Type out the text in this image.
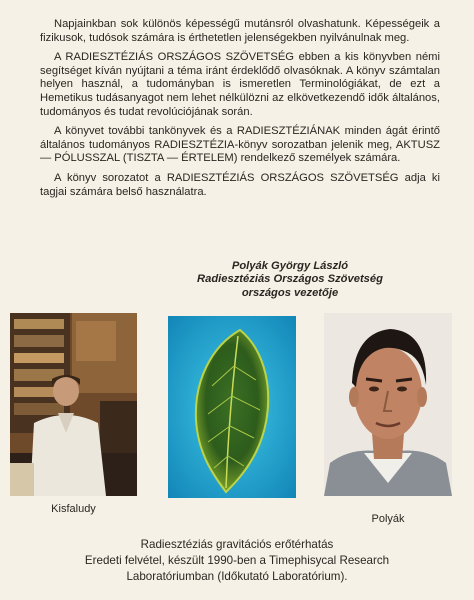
Napjainkban sok különös képességű mutánsról olvashatunk. Képességeik a fizikusok, tudósok számára is érthetetlen jelenségekben nyilvánulnak meg.

A RADIESZTÉZIÁS ORSZÁGOS SZÖVETSÉG ebben a kis könyvben némi segítséget kíván nyújtani a téma iránt érdeklődő olvasóknak. A könyv számtalan helyen használ, a tudományban is ismeretlen Terminológiákat, de ezt a Hemetikus tudásanyagot nem lehet nélkülözni az elkövetkezendő idők általános, tudományos és tudat revolúciójának során.

A könyvet további tankönyvek és a RADIESZTÉZIÁNAK minden ágát érintő általános tudományos RADIESZTÉZIA-könyv sorozatban jelenik meg, AKTUSZ — PÓLUSSZAL (TISZTA — ÉRTELEM) rendelkező személyek számára.

A könyv sorozatot a RADIESZTÉZIÁS ORSZÁGOS SZÖVETSÉG adja ki tagjai számára belső használatra.

Polyák György László
Radiesztéziás Országos Szövetség
országos vezetője
Kisfaludy
Polyák
Radiesztéziás gravitációs erőtérhatás
Eredeti felvétel, készült 1990-ben a Timephisycal Research
Laboratóriumban (Időkutató Laboratórium).
